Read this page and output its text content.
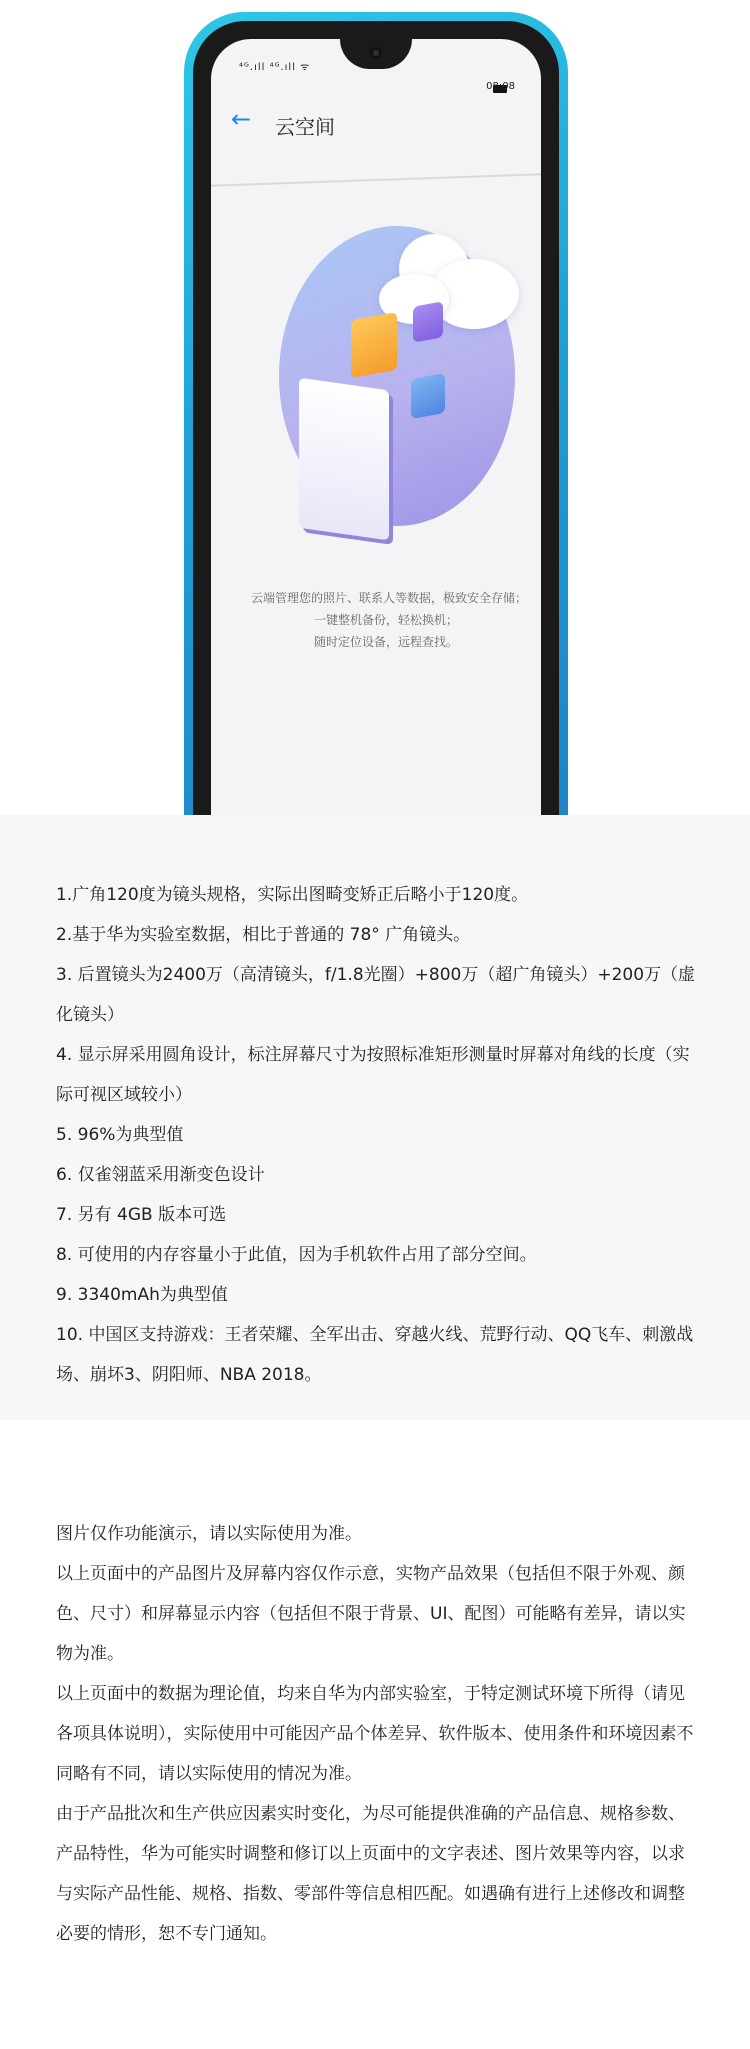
⁴ᴳ.ıll ⁴ᴳ.ıll ᯤ
08:08
← 云空间
云端管理您的照片、联系人等数据，极致安全存储；
一键整机备份，轻松换机；
随时定位设备，远程查找。
1.广角120度为镜头规格，实际出图畸变矫正后略小于120度。
2.基于华为实验室数据，相比于普通的 78° 广角镜头。
3. 后置镜头为2400万（高清镜头，f/1.8光圈）+800万（超广角镜头）+200万（虚化镜头）
4. 显示屏采用圆角设计，标注屏幕尺寸为按照标准矩形测量时屏幕对角线的长度（实际可视区域较小）
5. 96%为典型值
6. 仅雀翎蓝采用渐变色设计
7. 另有 4GB 版本可选
8. 可使用的内存容量小于此值，因为手机软件占用了部分空间。
9. 3340mAh为典型值
10. 中国区支持游戏：王者荣耀、全军出击、穿越火线、荒野行动、QQ飞车、刺激战场、崩坏3、阴阳师、NBA 2018。

图片仅作功能演示，请以实际使用为准。

以上页面中的产品图片及屏幕内容仅作示意，实物产品效果（包括但不限于外观、颜色、尺寸）和屏幕显示内容（包括但不限于背景、UI、配图）可能略有差异，请以实物为准。

以上页面中的数据为理论值，均来自华为内部实验室，于特定测试环境下所得（请见各项具体说明），实际使用中可能因产品个体差异、软件版本、使用条件和环境因素不同略有不同，请以实际使用的情况为准。

由于产品批次和生产供应因素实时变化，为尽可能提供准确的产品信息、规格参数、产品特性，华为可能实时调整和修订以上页面中的文字表述、图片效果等内容，以求与实际产品性能、规格、指数、零部件等信息相匹配。如遇确有进行上述修改和调整必要的情形，恕不专门通知。
